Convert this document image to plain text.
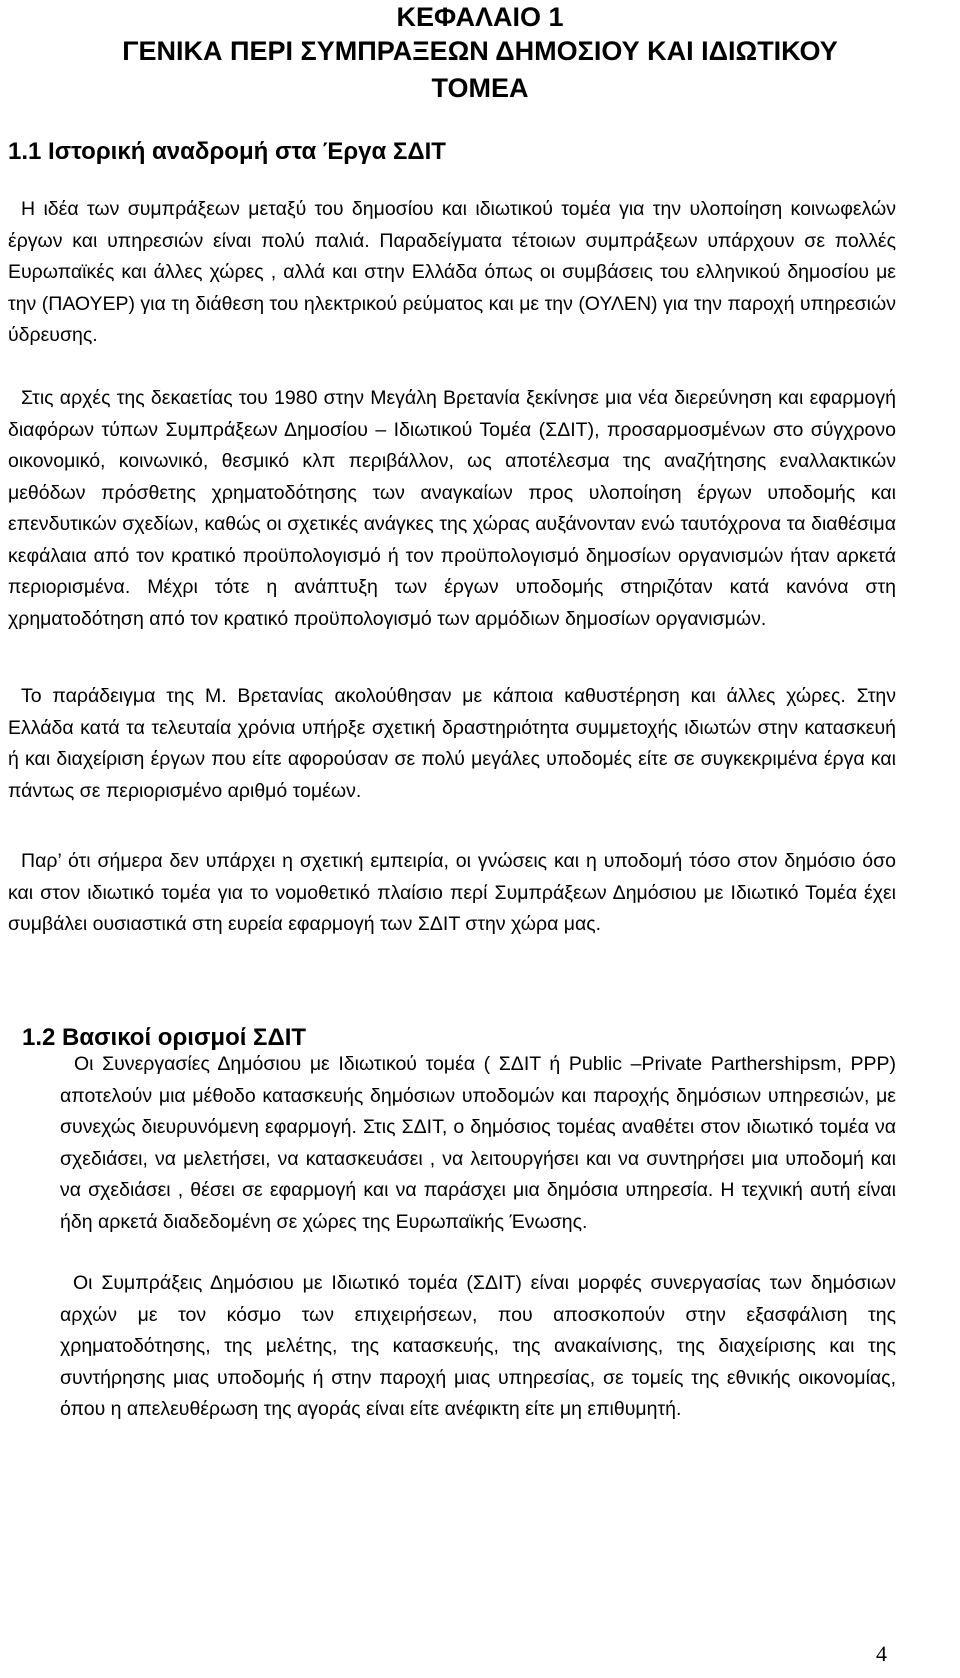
ΚΕΦΑΛΑΙΟ 1
ΓΕΝΙΚΑ ΠΕΡΙ ΣΥΜΠΡΑΞΕΩΝ ΔΗΜΟΣΙΟΥ ΚΑΙ ΙΔΙΩΤΙΚΟΥ
ΤΟΜΕΑ
1.1 Ιστορική αναδρομή στα Έργα ΣΔΙΤ

Η ιδέα των συμπράξεων μεταξύ του δημοσίου και ιδιωτικού τομέα για την υλοποίηση κοινωφελών έργων και υπηρεσιών είναι πολύ παλιά. Παραδείγματα τέτοιων συμπράξεων υπάρχουν σε πολλές Ευρωπαϊκές και άλλες χώρες , αλλά και στην Ελλάδα όπως οι συμβάσεις του ελληνικού δημοσίου με την (ΠΑΟΥΕΡ) για τη διάθεση του ηλεκτρικού ρεύματος και με την (ΟΥΛΕΝ) για την παροχή υπηρεσιών ύδρευσης.

Στις αρχές της δεκαετίας του 1980 στην Μεγάλη Βρετανία ξεκίνησε μια νέα διερεύνηση και εφαρμογή διαφόρων τύπων Συμπράξεων Δημοσίου – Ιδιωτικού Τομέα (ΣΔΙΤ), προσαρμοσμένων στο σύγχρονο οικονομικό, κοινωνικό, θεσμικό κλπ περιβάλλον, ως αποτέλεσμα της αναζήτησης εναλλακτικών μεθόδων πρόσθετης χρηματοδότησης των αναγκαίων προς υλοποίηση έργων υποδομής και επενδυτικών σχεδίων, καθώς οι σχετικές ανάγκες της χώρας αυξάνονταν ενώ ταυτόχρονα τα διαθέσιμα κεφάλαια από τον κρατικό προϋπολογισμό ή τον προϋπολογισμό δημοσίων οργανισμών ήταν αρκετά περιορισμένα. Μέχρι τότε η ανάπτυξη των έργων υποδομής στηριζόταν κατά κανόνα στη χρηματοδότηση από τον κρατικό προϋπολογισμό των αρμόδιων δημοσίων οργανισμών.

Το παράδειγμα της Μ. Βρετανίας ακολούθησαν με κάποια καθυστέρηση και άλλες χώρες. Στην Ελλάδα κατά τα τελευταία χρόνια υπήρξε σχετική δραστηριότητα συμμετοχής ιδιωτών στην κατασκευή ή και διαχείριση έργων που είτε αφορούσαν σε πολύ μεγάλες υποδομές είτε σε συγκεκριμένα έργα και πάντως σε περιορισμένο αριθμό τομέων.

Παρ’ ότι σήμερα δεν υπάρχει η σχετική εμπειρία, οι γνώσεις και η υποδομή τόσο στον δημόσιο όσο και στον ιδιωτικό τομέα για το νομοθετικό πλαίσιο περί Συμπράξεων Δημόσιου με Ιδιωτικό Τομέα έχει συμβάλει ουσιαστικά στη ευρεία εφαρμογή των ΣΔΙΤ στην χώρα μας.

1.2 Βασικοί ορισμοί ΣΔΙΤ

Οι Συνεργασίες Δημόσιου με Ιδιωτικού τομέα ( ΣΔΙΤ ή Public –Private Parthershipsm, PPP) αποτελούν μια μέθοδο κατασκευής δημόσιων υποδομών και παροχής δημόσιων υπηρεσιών, με συνεχώς διευρυνόμενη εφαρμογή. Στις ΣΔΙΤ, ο δημόσιος τομέας αναθέτει στον ιδιωτικό τομέα να σχεδιάσει, να μελετήσει, να κατασκευάσει , να λειτουργήσει και να συντηρήσει μια υποδομή και να σχεδιάσει , θέσει σε εφαρμογή και να παράσχει μια δημόσια υπηρεσία. Η τεχνική αυτή είναι ήδη αρκετά διαδεδομένη σε χώρες της Ευρωπαϊκής Ένωσης.

Οι Συμπράξεις Δημόσιου με Ιδιωτικό τομέα (ΣΔΙΤ) είναι μορφές συνεργασίας των δημόσιων αρχών με τον κόσμο των επιχειρήσεων, που αποσκοπούν στην εξασφάλιση της χρηματοδότησης, της μελέτης, της κατασκευής, της ανακαίνισης, της διαχείρισης και της συντήρησης μιας υποδομής ή στην παροχή μιας υπηρεσίας, σε τομείς της εθνικής οικονομίας, όπου η απελευθέρωση της αγοράς είναι είτε ανέφικτη είτε μη επιθυμητή.

4
